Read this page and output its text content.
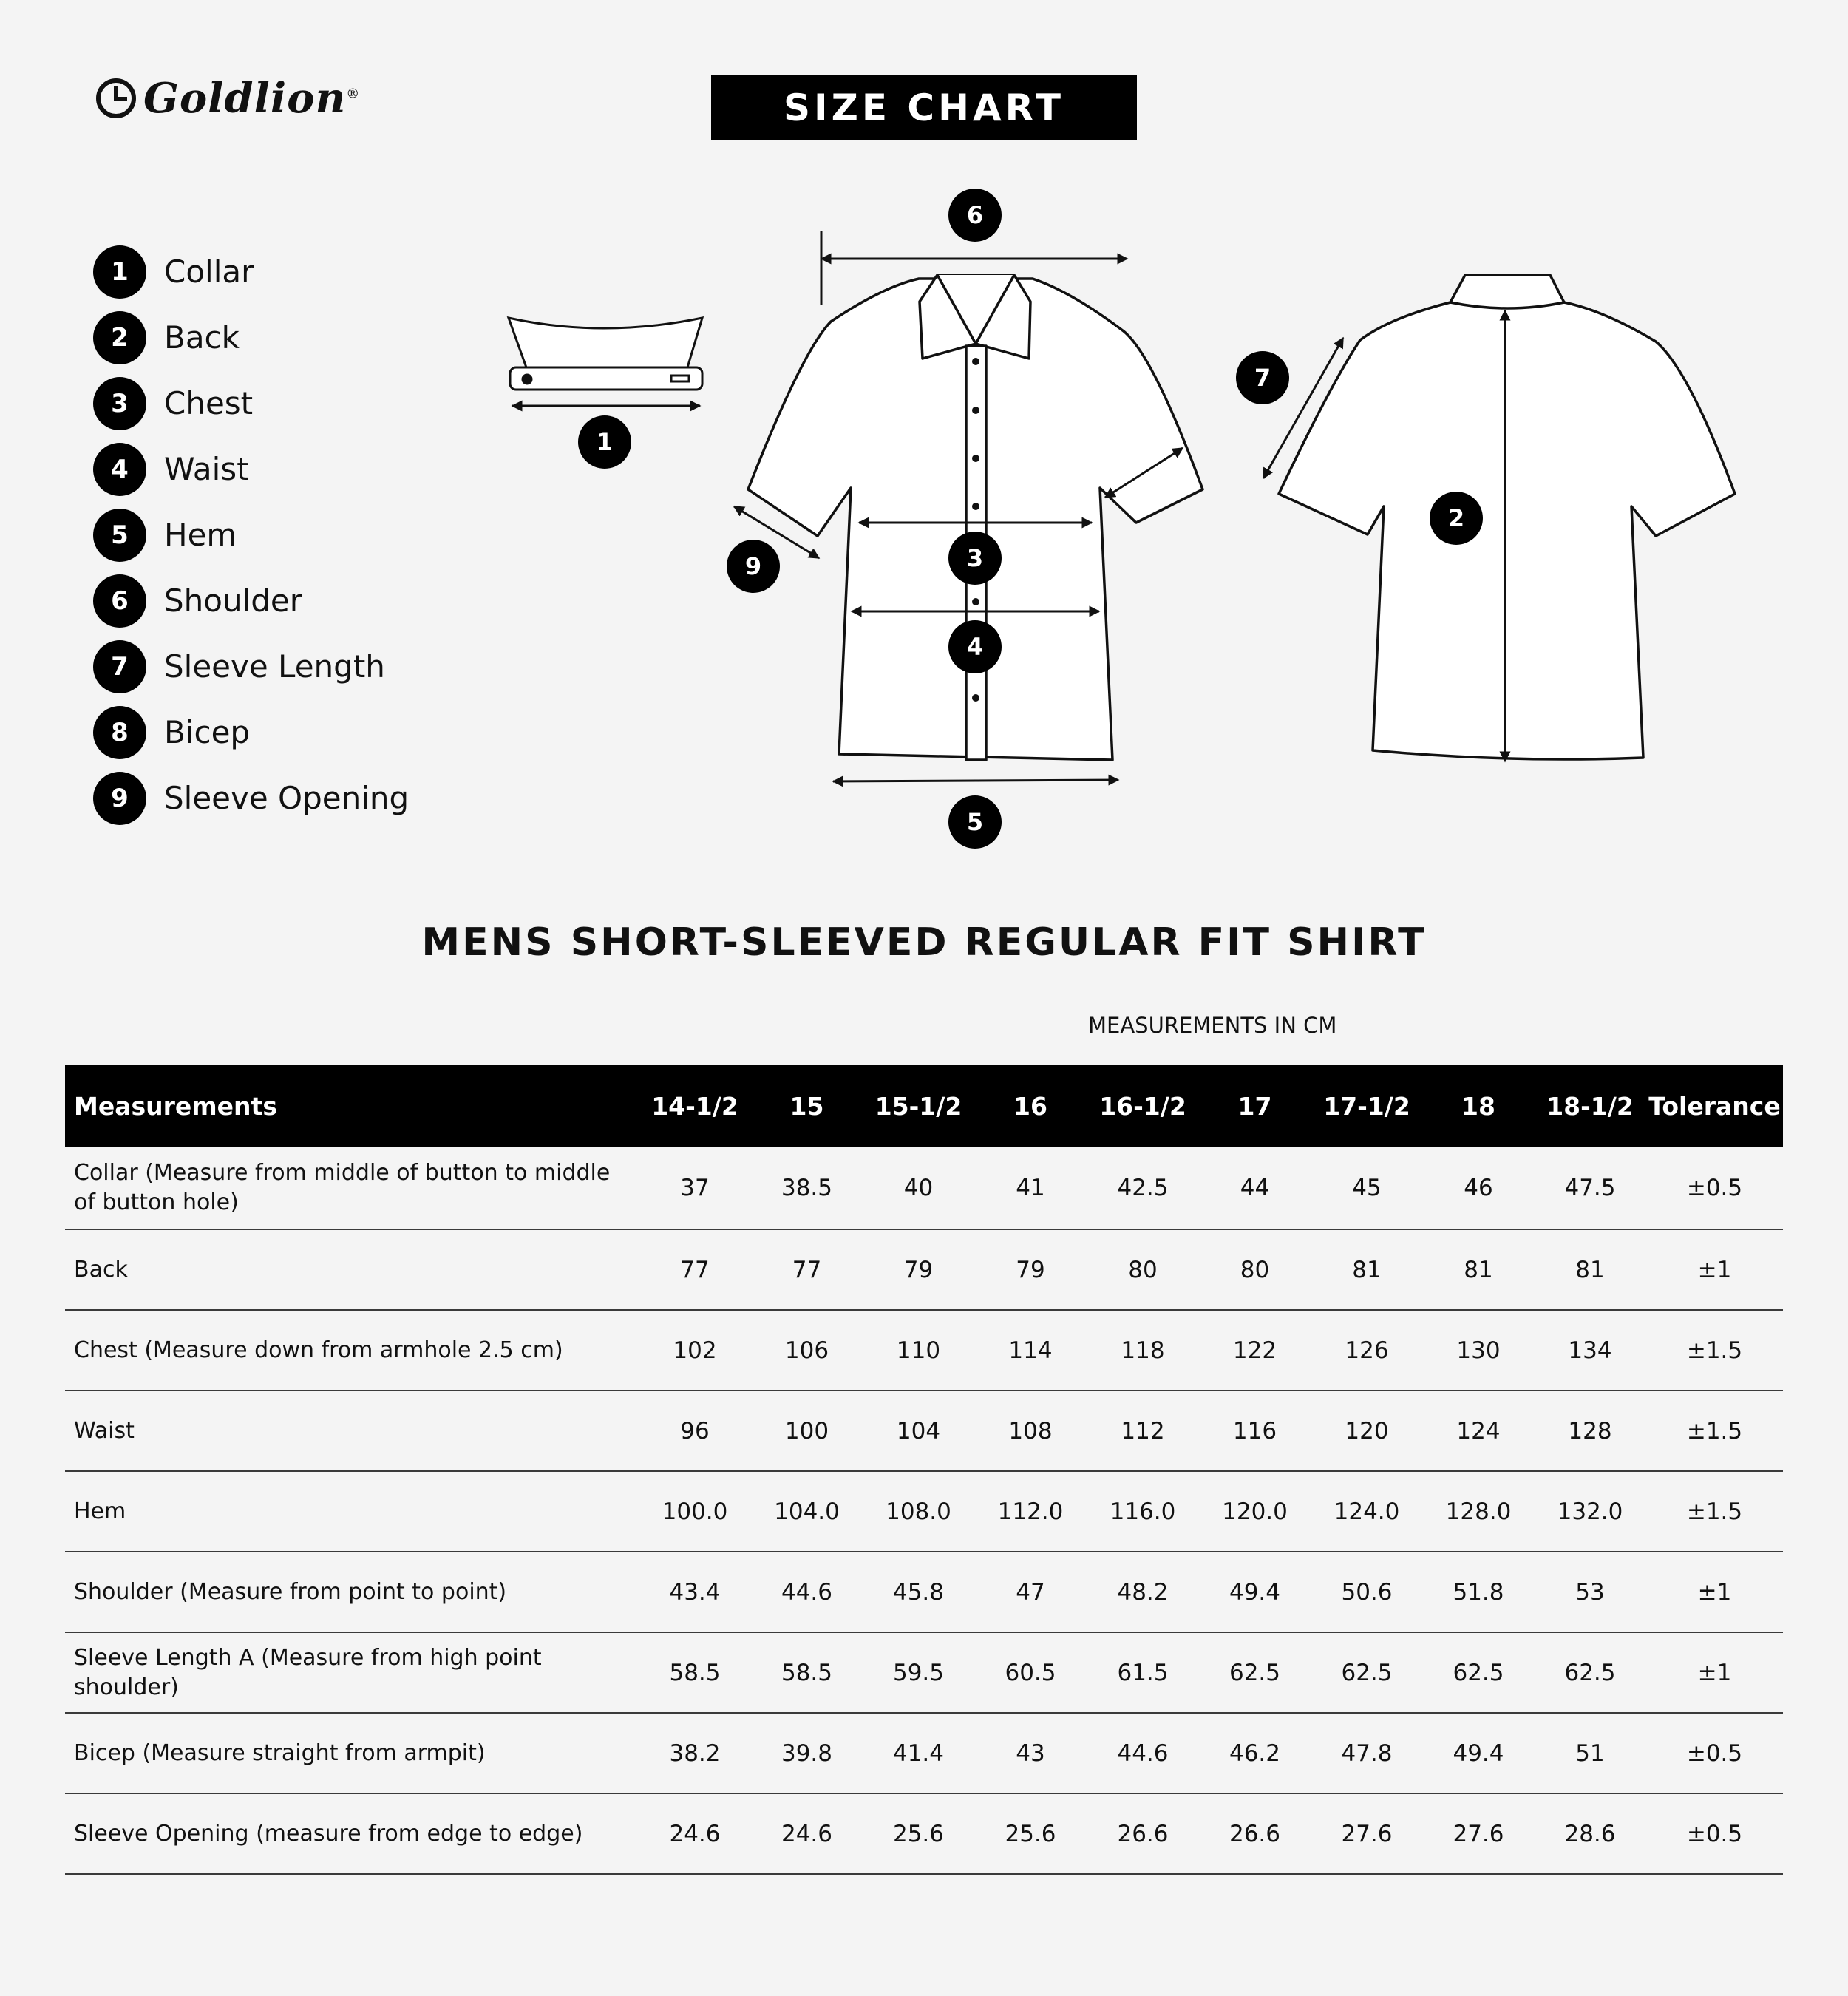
Goldlion®	SIZE CHART
1	Collar
2	Back
3	Chest
4	Waist
5	Hem
6	Shoulder
7	Sleeve Length
8	Bicep
9	Sleeve Opening
1
6
3
4
5
9
7
2
MENS SHORT-SLEEVED REGULAR FIT SHIRT
MEASUREMENTS IN CM
Measurements	14-1/2	15	15-1/2	16	16-1/2	17	17-1/2	18	18-1/2	Tolerance
Collar (Measure from middle of button to middle of button hole)	37	38.5	40	41	42.5	44	45	46	47.5	±0.5
Back	77	77	79	79	80	80	81	81	81	±1
Chest (Measure down from armhole 2.5 cm)	102	106	110	114	118	122	126	130	134	±1.5
Waist	96	100	104	108	112	116	120	124	128	±1.5
Hem	100.0	104.0	108.0	112.0	116.0	120.0	124.0	128.0	132.0	±1.5
Shoulder (Measure from point to point)	43.4	44.6	45.8	47	48.2	49.4	50.6	51.8	53	±1
Sleeve Length A (Measure from high point shoulder)	58.5	58.5	59.5	60.5	61.5	62.5	62.5	62.5	62.5	±1
Bicep (Measure straight from armpit)	38.2	39.8	41.4	43	44.6	46.2	47.8	49.4	51	±0.5
Sleeve Opening (measure from edge to edge)	24.6	24.6	25.6	25.6	26.6	26.6	27.6	27.6	28.6	±0.5
